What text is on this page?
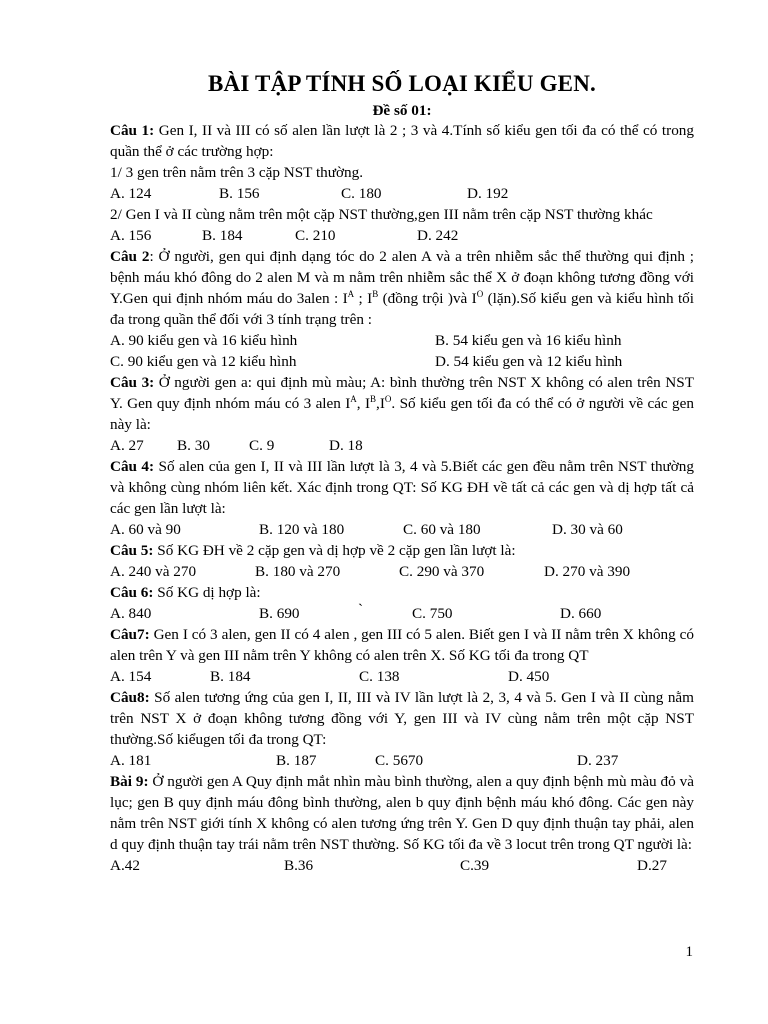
BÀI TẬP TÍNH SỐ LOẠI KIỂU GEN.
Đề số 01:

Câu 1: Gen I, II và III có số alen lần lượt là 2 ; 3 và 4.Tính số kiểu gen tối đa có thể có trong quần thể ở các trường hợp:

1/ 3 gen trên nằm trên 3 cặp NST thường.

A. 124	B. 156	C. 180	D. 192

2/ Gen I và II cùng nằm trên một cặp NST thường,gen III nằm trên cặp NST thường khác

A. 156	B. 184	C. 210	D. 242

Câu 2: Ở người, gen qui định dạng tóc do 2 alen A và a trên nhiễm sắc thể thường qui định ; bệnh máu khó đông do 2 alen M và m nằm trên nhiễm sắc thể X ở đoạn không tương đồng với Y.Gen qui định nhóm máu do 3alen : $I^A$ ; $I^B$ (đồng trội )và $I^O$ (lặn).Số kiểu gen và kiểu hình tối đa trong quần thể đối với 3 tính trạng trên :

A. 90 kiểu gen và 16 kiểu hình	B. 54 kiểu gen và 16 kiểu hình
C. 90 kiểu gen và 12 kiểu hình	D. 54 kiểu gen và 12 kiểu hình

Câu 3: Ở người gen a: qui định mù màu; A: bình thường trên NST X không có alen trên NST Y. Gen quy định nhóm máu có 3 alen $I^A$, $I^B,I^O$. Số kiểu gen tối đa có thể có ở người về các gen này là:

A. 27 B. 30	C. 9	D. 18

Câu 4: Số alen của gen I, II và III lần lượt là 3, 4 và 5.Biết các gen đều nằm trên NST thường và không cùng nhóm liên kết. Xác định trong QT: Số KG ĐH về tất cả các gen và dị hợp tất cả các gen lần lượt là:

A. 60 và 90	B. 120 và 180	C. 60 và 180	D. 30 và 60

Câu 5: Số KG ĐH về 2 cặp gen và dị hợp về 2 cặp gen lần lượt là:

A. 240 và 270	B. 180 và 270	C. 290 và 370	D. 270 và 390

Câu 6: Số KG dị hợp là:

A. 840	B. 690	`	C. 750	D. 660

Câu7: Gen I có 3 alen, gen II có 4 alen , gen III có 5 alen. Biết gen I và II nằm trên X không có alen trên Y và gen III nằm trên Y không có alen trên X. Số KG tối đa trong QT

A. 154	B. 184	C. 138	D. 450

Câu8: Số alen tương ứng của gen I, II, III và IV lần lượt là 2, 3, 4 và 5. Gen I và II cùng nằm trên NST X ở đoạn không tương đồng với Y, gen III và IV cùng nằm trên một cặp NST thường.Số kiểugen tối đa trong QT:

A. 181	B. 187	C. 5670	D. 237

Bài 9: Ở người gen A Quy định mắt nhìn màu bình thường, alen a quy định bệnh mù màu đỏ và lục; gen B quy định máu đông bình thường, alen b quy định bệnh máu khó đông. Các gen này nằm trên NST giới tính X không có alen tương ứng trên Y. Gen D quy định thuận tay phải, alen d quy định thuận tay trái nằm trên NST thường. Số KG tối đa về 3 locut trên trong QT người là:

A.42	B.36	C.39	D.27
1
